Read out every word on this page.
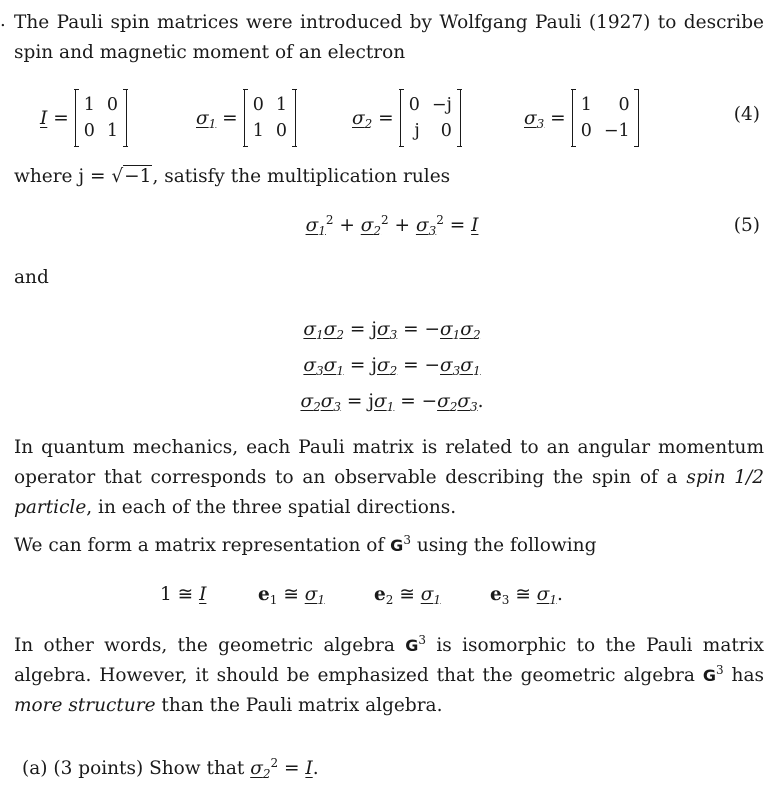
. The Pauli spin matrices were introduced by Wolfgang Pauli (1927) to describe spin and magnetic moment of an electron
I =
1 0
0 1
$\sigma_1$ =
0 1
1 0
$\sigma_2$ =
0 −j
j	0
$\sigma_3$ =
1	0
0 −1
(4)
where j = √−1, satisfy the multiplication rules
$\sigma_1^2 + \sigma_2^2 + \sigma_3^2 = I$	(5)
and
$\sigma_1\sigma_2 = j\sigma_3 = -\sigma_1\sigma_2$
$\sigma_3\sigma_1 = j\sigma_2 = -\sigma_3\sigma_1$
$\sigma_2\sigma_3 = j\sigma_1 = -\sigma_2\sigma_3$.
In quantum mechanics, each Pauli matrix is related to an angular momentum operator that corresponds to an observable describing the spin of a spin 1/2 particle, in each of the three spatial directions.
We can form a matrix representation of $G^3$ using the following
1 ≅ I	$e_1$ ≅ $\sigma_1$	$e_2$ ≅ $\sigma_1$	$e_3$ ≅ $\sigma_1$.
In other words, the geometric algebra $G^3$ is isomorphic to the Pauli matrix algebra. However, it should be emphasized that the geometric algebra $G^3$ has more structure than the Pauli matrix algebra.
(a) (3 points) Show that $\sigma_2^2 = I$.
